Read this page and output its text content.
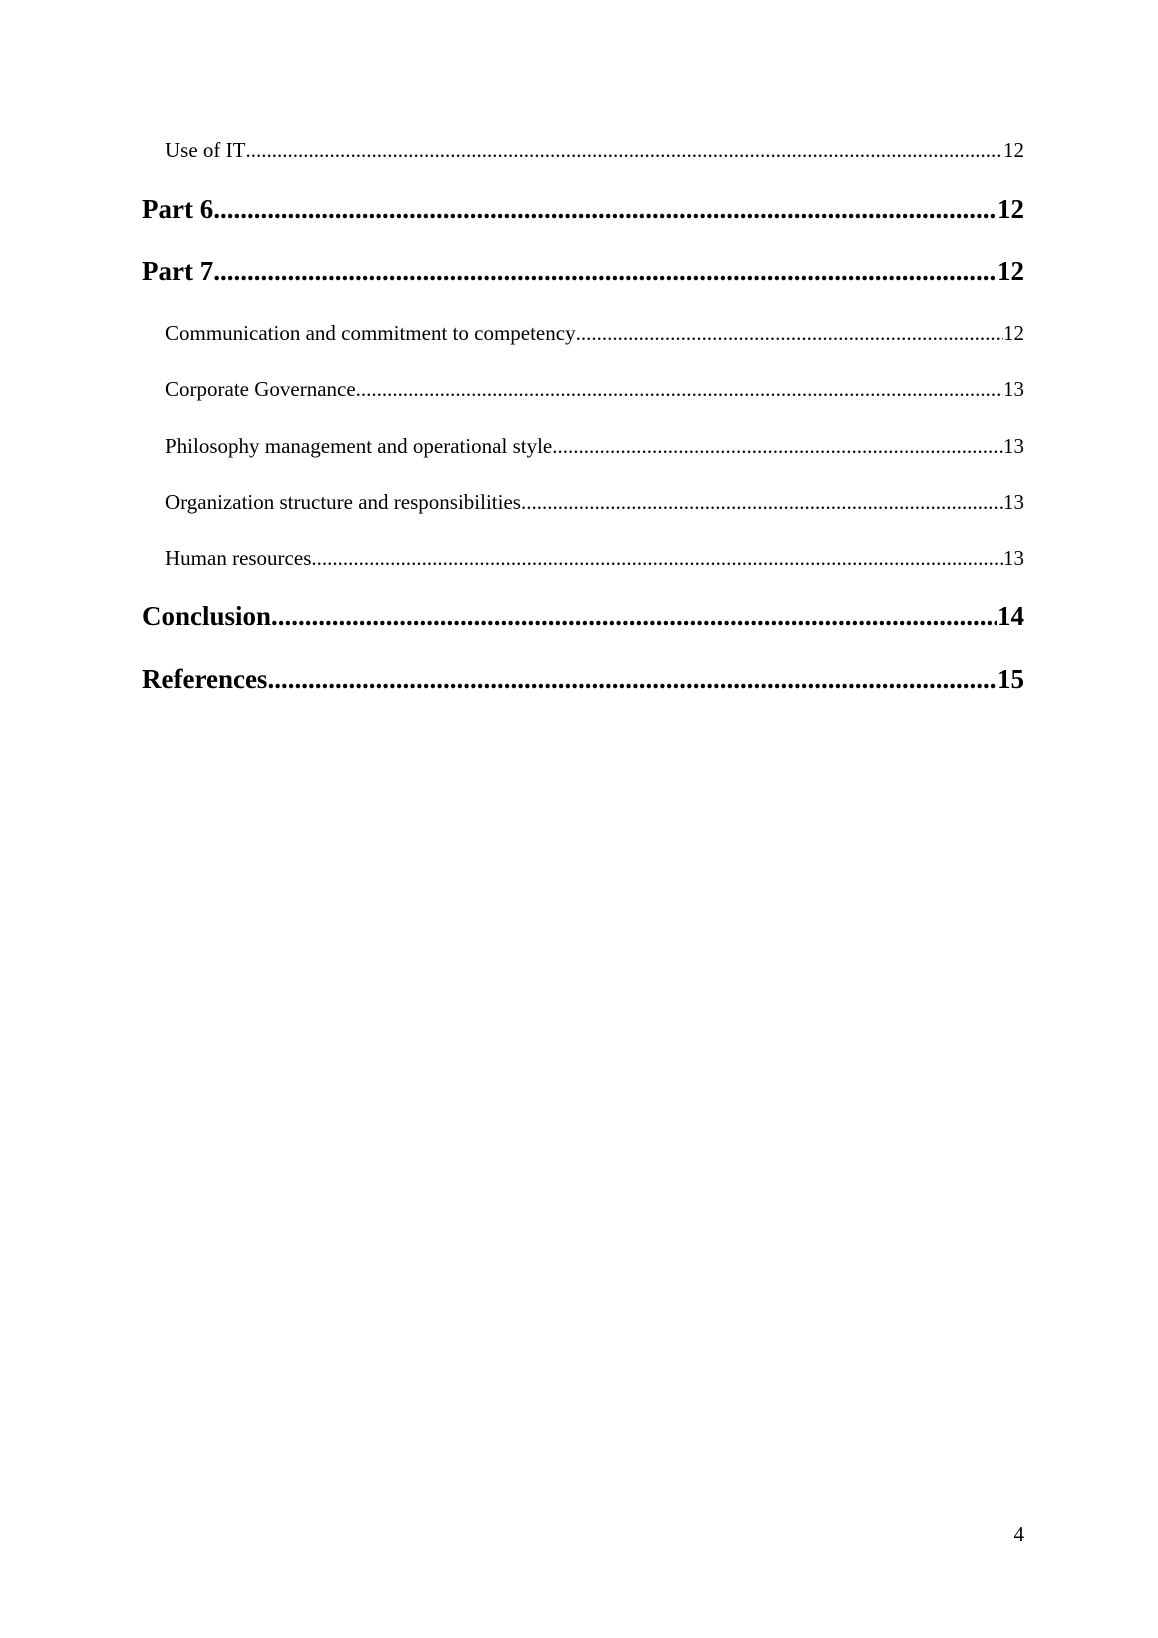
Use of IT .....	12
Part 6 .....	12
Part 7 .....	12
Communication and commitment to competency .....	12
Corporate Governance .....	13
Philosophy management and operational style .....	13
Organization structure and responsibilities .....	13
Human resources .....	13
Conclusion .....	14
References .....	15
4
